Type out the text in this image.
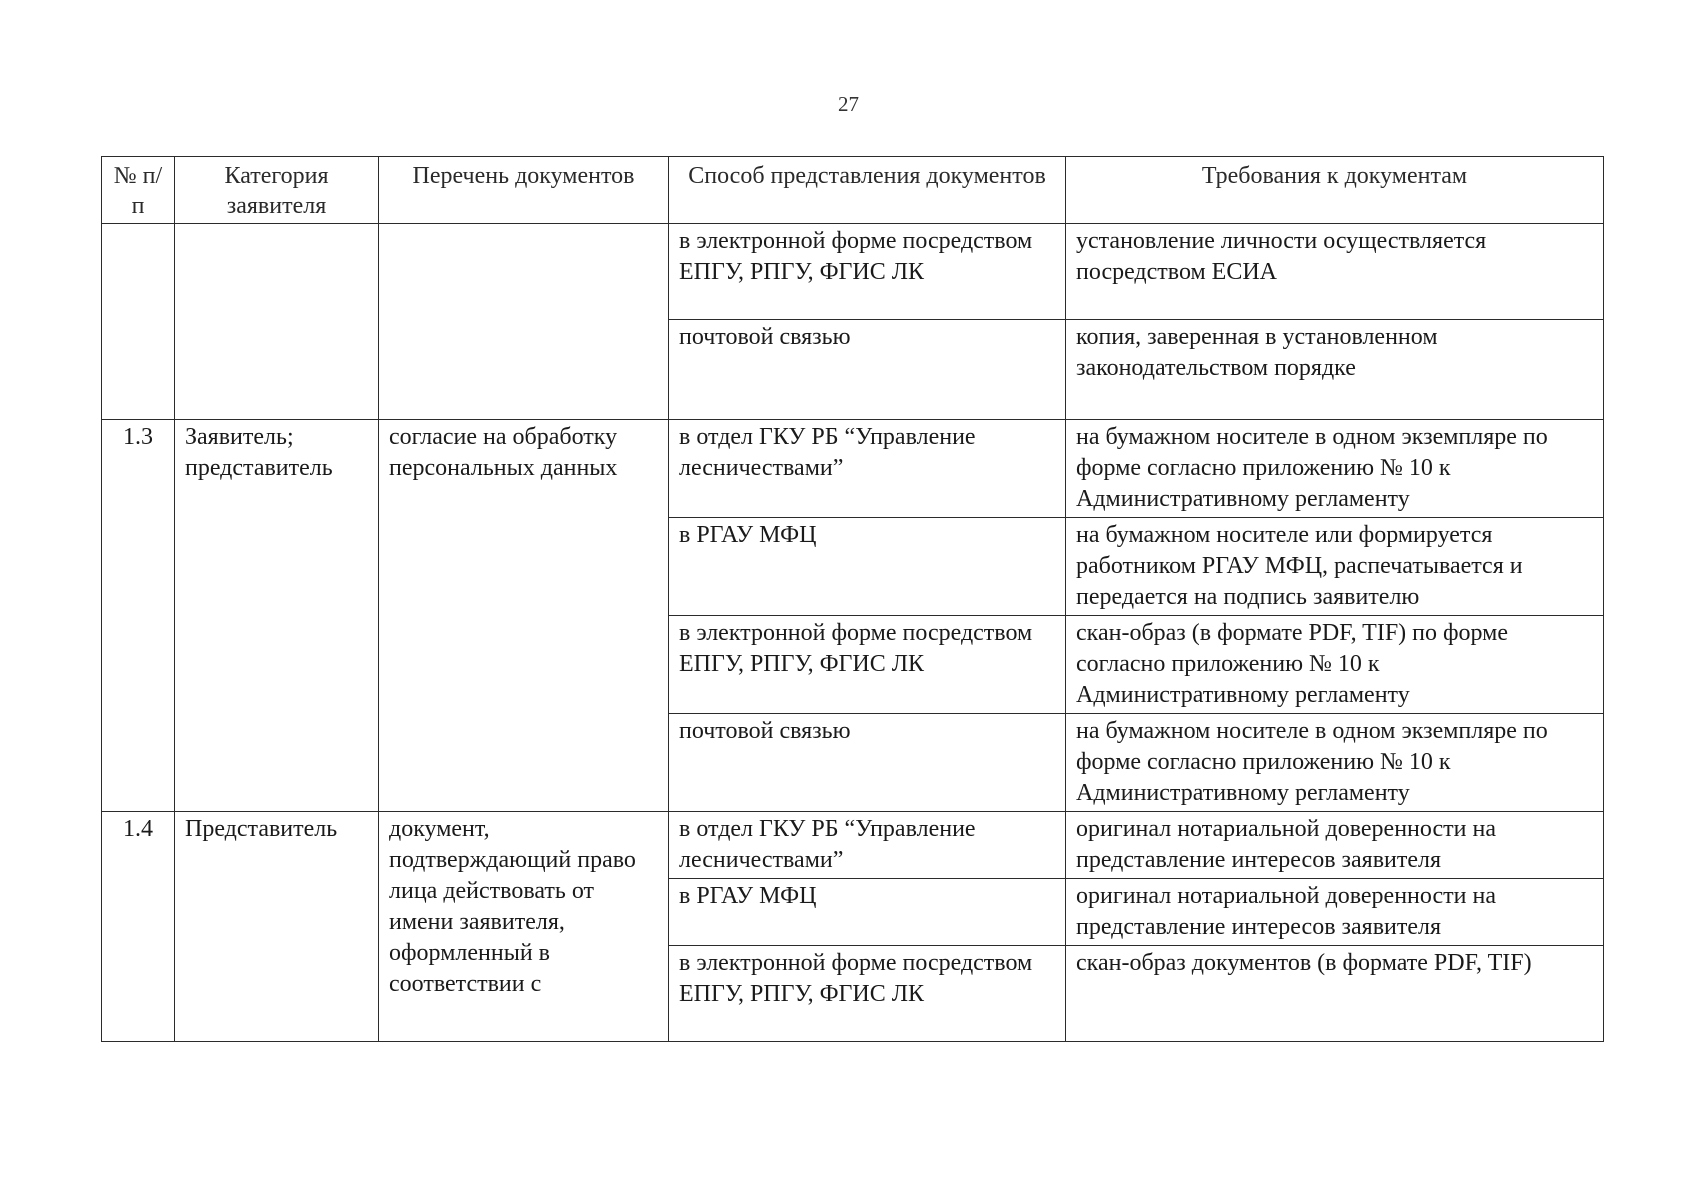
27
№ п/п	Категория заявителя	Перечень документов	Способ представления документов	Требования к документам
			в электронной форме посредством ЕПГУ, РПГУ, ФГИС ЛК	установление личности осуществляется посредством ЕСИА
			почтовой связью	копия, заверенная в установленном законодательством порядке
1.3	Заявитель; представитель	согласие на обработку персональных данных	в отдел ГКУ РБ “Управление лесничествами”	на бумажном носителе в одном экземпляре по форме согласно приложению № 10 к Административному регламенту
			в РГАУ МФЦ	на бумажном носителе или формируется работником РГАУ МФЦ, распечатывается и передается на подпись заявителю
			в электронной форме посредством ЕПГУ, РПГУ, ФГИС ЛК	скан-образ (в формате PDF, TIF) по форме согласно приложению № 10 к Административному регламенту
			почтовой связью	на бумажном носителе в одном экземпляре по форме согласно приложению № 10 к Административному регламенту
1.4	Представитель	документ, подтверждающий право лица действовать от имени заявителя, оформленный в соответствии с	в отдел ГКУ РБ “Управление лесничествами”	оригинал нотариальной доверенности на представление интересов заявителя
			в РГАУ МФЦ	оригинал нотариальной доверенности на представление интересов заявителя
			в электронной форме посредством ЕПГУ, РПГУ, ФГИС ЛК	скан-образ документов (в формате PDF, TIF)
